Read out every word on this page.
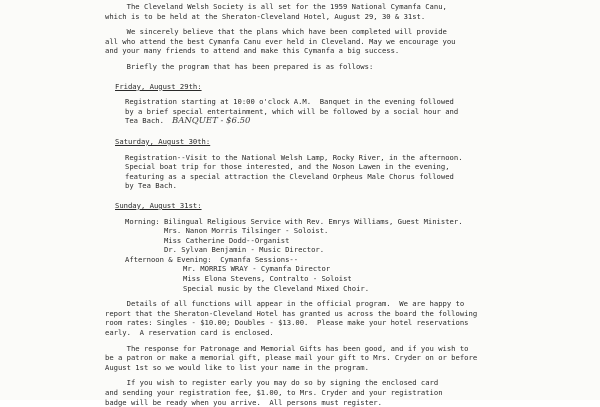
The Cleveland Welsh Society is all set for the 1959 National Cymanfa Canu,
which is to be held at the Sheraton-Cleveland Hotel, August 29, 30 & 31st.
We sincerely believe that the plans which have been completed will provide
all who attend the best Cymanfa Canu ever held in Cleveland. May we encourage you
and your many friends to attend and make this Cymanfa a big success.
Briefly the program that has been prepared is as follows:
Friday, August 29th:
Registration starting at 10:00 o'clock A.M.  Banquet in the evening followed
by a brief special entertainment, which will be followed by a social hour and
Tea Bach. BANQUET - $6.50
Saturday, August 30th:
Registration--Visit to the National Welsh Lamp, Rocky River, in the afternoon.
Special boat trip for those interested, and the Noson Lawen in the evening,
featuring as a special attraction the Cleveland Orpheus Male Chorus followed
by Tea Bach.
Sunday, August 31st:
Morning: Bilingual Religious Service with Rev. Emrys Williams, Guest Minister.
Mrs. Nanon Morris Tilsinger - Soloist.
Miss Catherine Dodd--Organist
Dr. Sylvan Benjamin - Music Director.
Afternoon & Evening:  Cymanfa Sessions--
Mr. MORRIS WRAY - Cymanfa Director
Miss Elona Stevens, Contralto - Soloist
Special music by the Cleveland Mixed Choir.
Details of all functions will appear in the official program.  We are happy to
report that the Sheraton-Cleveland Hotel has granted us across the board the following
room rates: Singles - $10.00; Doubles - $13.00.  Please make your hotel reservations
early.  A reservation card is enclosed.
The response for Patronage and Memorial Gifts has been good, and if you wish to
be a patron or make a memorial gift, please mail your gift to Mrs. Cryder on or before
August 1st so we would like to list your name in the program.
If you wish to register early you may do so by signing the enclosed card
and sending your registration fee, $1.00, to Mrs. Cryder and your registration
badge will be ready when you arrive.  All persons must register.
